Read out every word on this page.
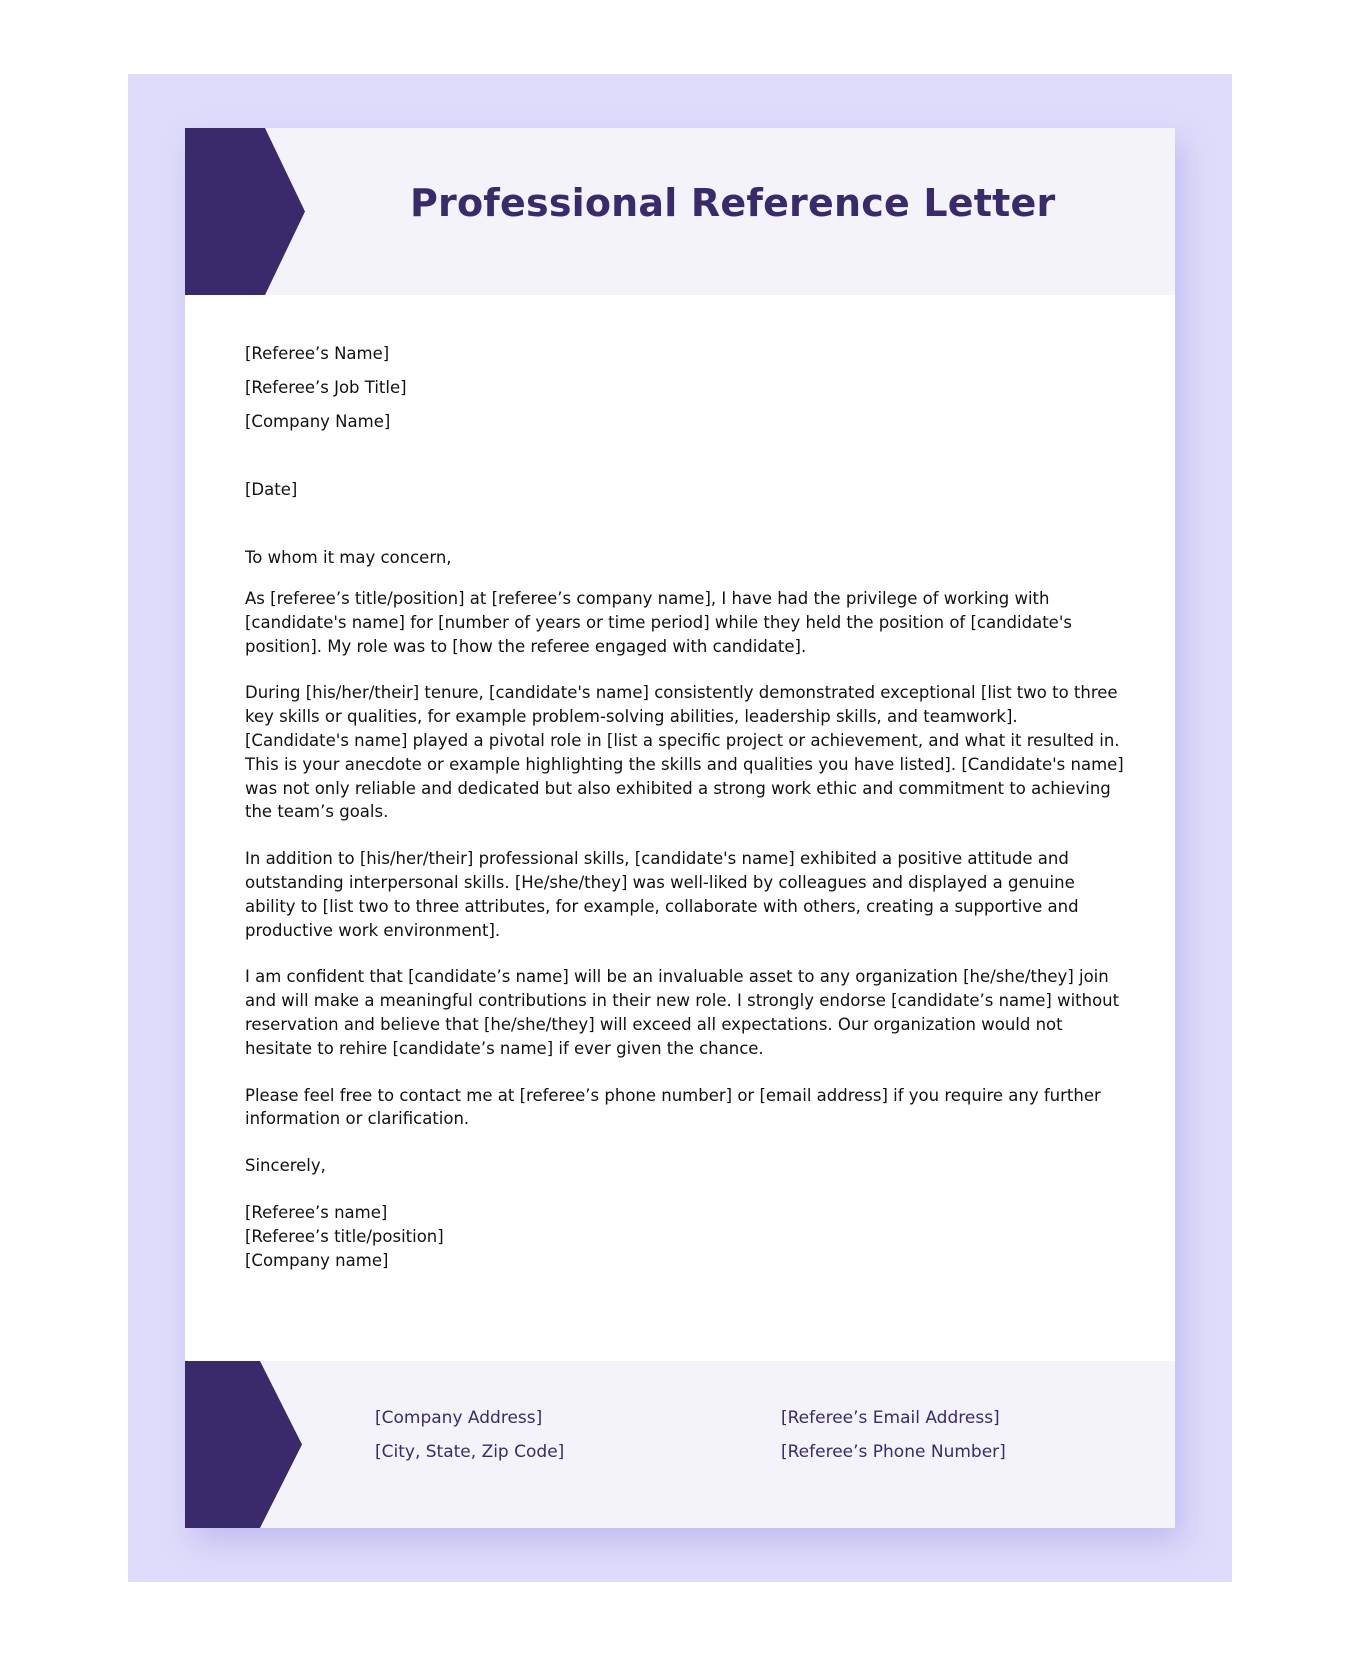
Professional Reference Letter
[Referee’s Name]
[Referee’s Job Title]
[Company Name]
[Date]
To whom it may concern,

As [referee’s title/position] at [referee’s company name], I have had the privilege of working with [candidate's name] for [number of years or time period] while they held the position of [candidate's position]. My role was to [how the referee engaged with candidate].

During [his/her/their] tenure, [candidate's name] consistently demonstrated exceptional [list two to three key skills or qualities, for example problem-solving abilities, leadership skills, and teamwork]. [Candidate's name] played a pivotal role in [list a specific project or achievement, and what it resulted in. This is your anecdote or example highlighting the skills and qualities you have listed]. [Candidate's name] was not only reliable and dedicated but also exhibited a strong work ethic and commitment to achieving the team’s goals.

In addition to [his/her/their] professional skills, [candidate's name] exhibited a positive attitude and outstanding interpersonal skills. [He/she/they] was well-liked by colleagues and displayed a genuine ability to [list two to three attributes, for example, collaborate with others, creating a supportive and productive work environment].

I am confident that [candidate’s name] will be an invaluable asset to any organization [he/she/they] join and will make a meaningful contributions in their new role. I strongly endorse [candidate’s name] without reservation and believe that [he/she/they] will exceed all expectations. Our organization would not hesitate to rehire [candidate’s name] if ever given the chance.

Please feel free to contact me at [referee’s phone number] or [email address] if you require any further information or clarification.

Sincerely,

[Referee’s name]
[Referee’s title/position]
[Company name]
[Company Address]
[City, State, Zip Code]
[Referee’s Email Address]
[Referee’s Phone Number]
